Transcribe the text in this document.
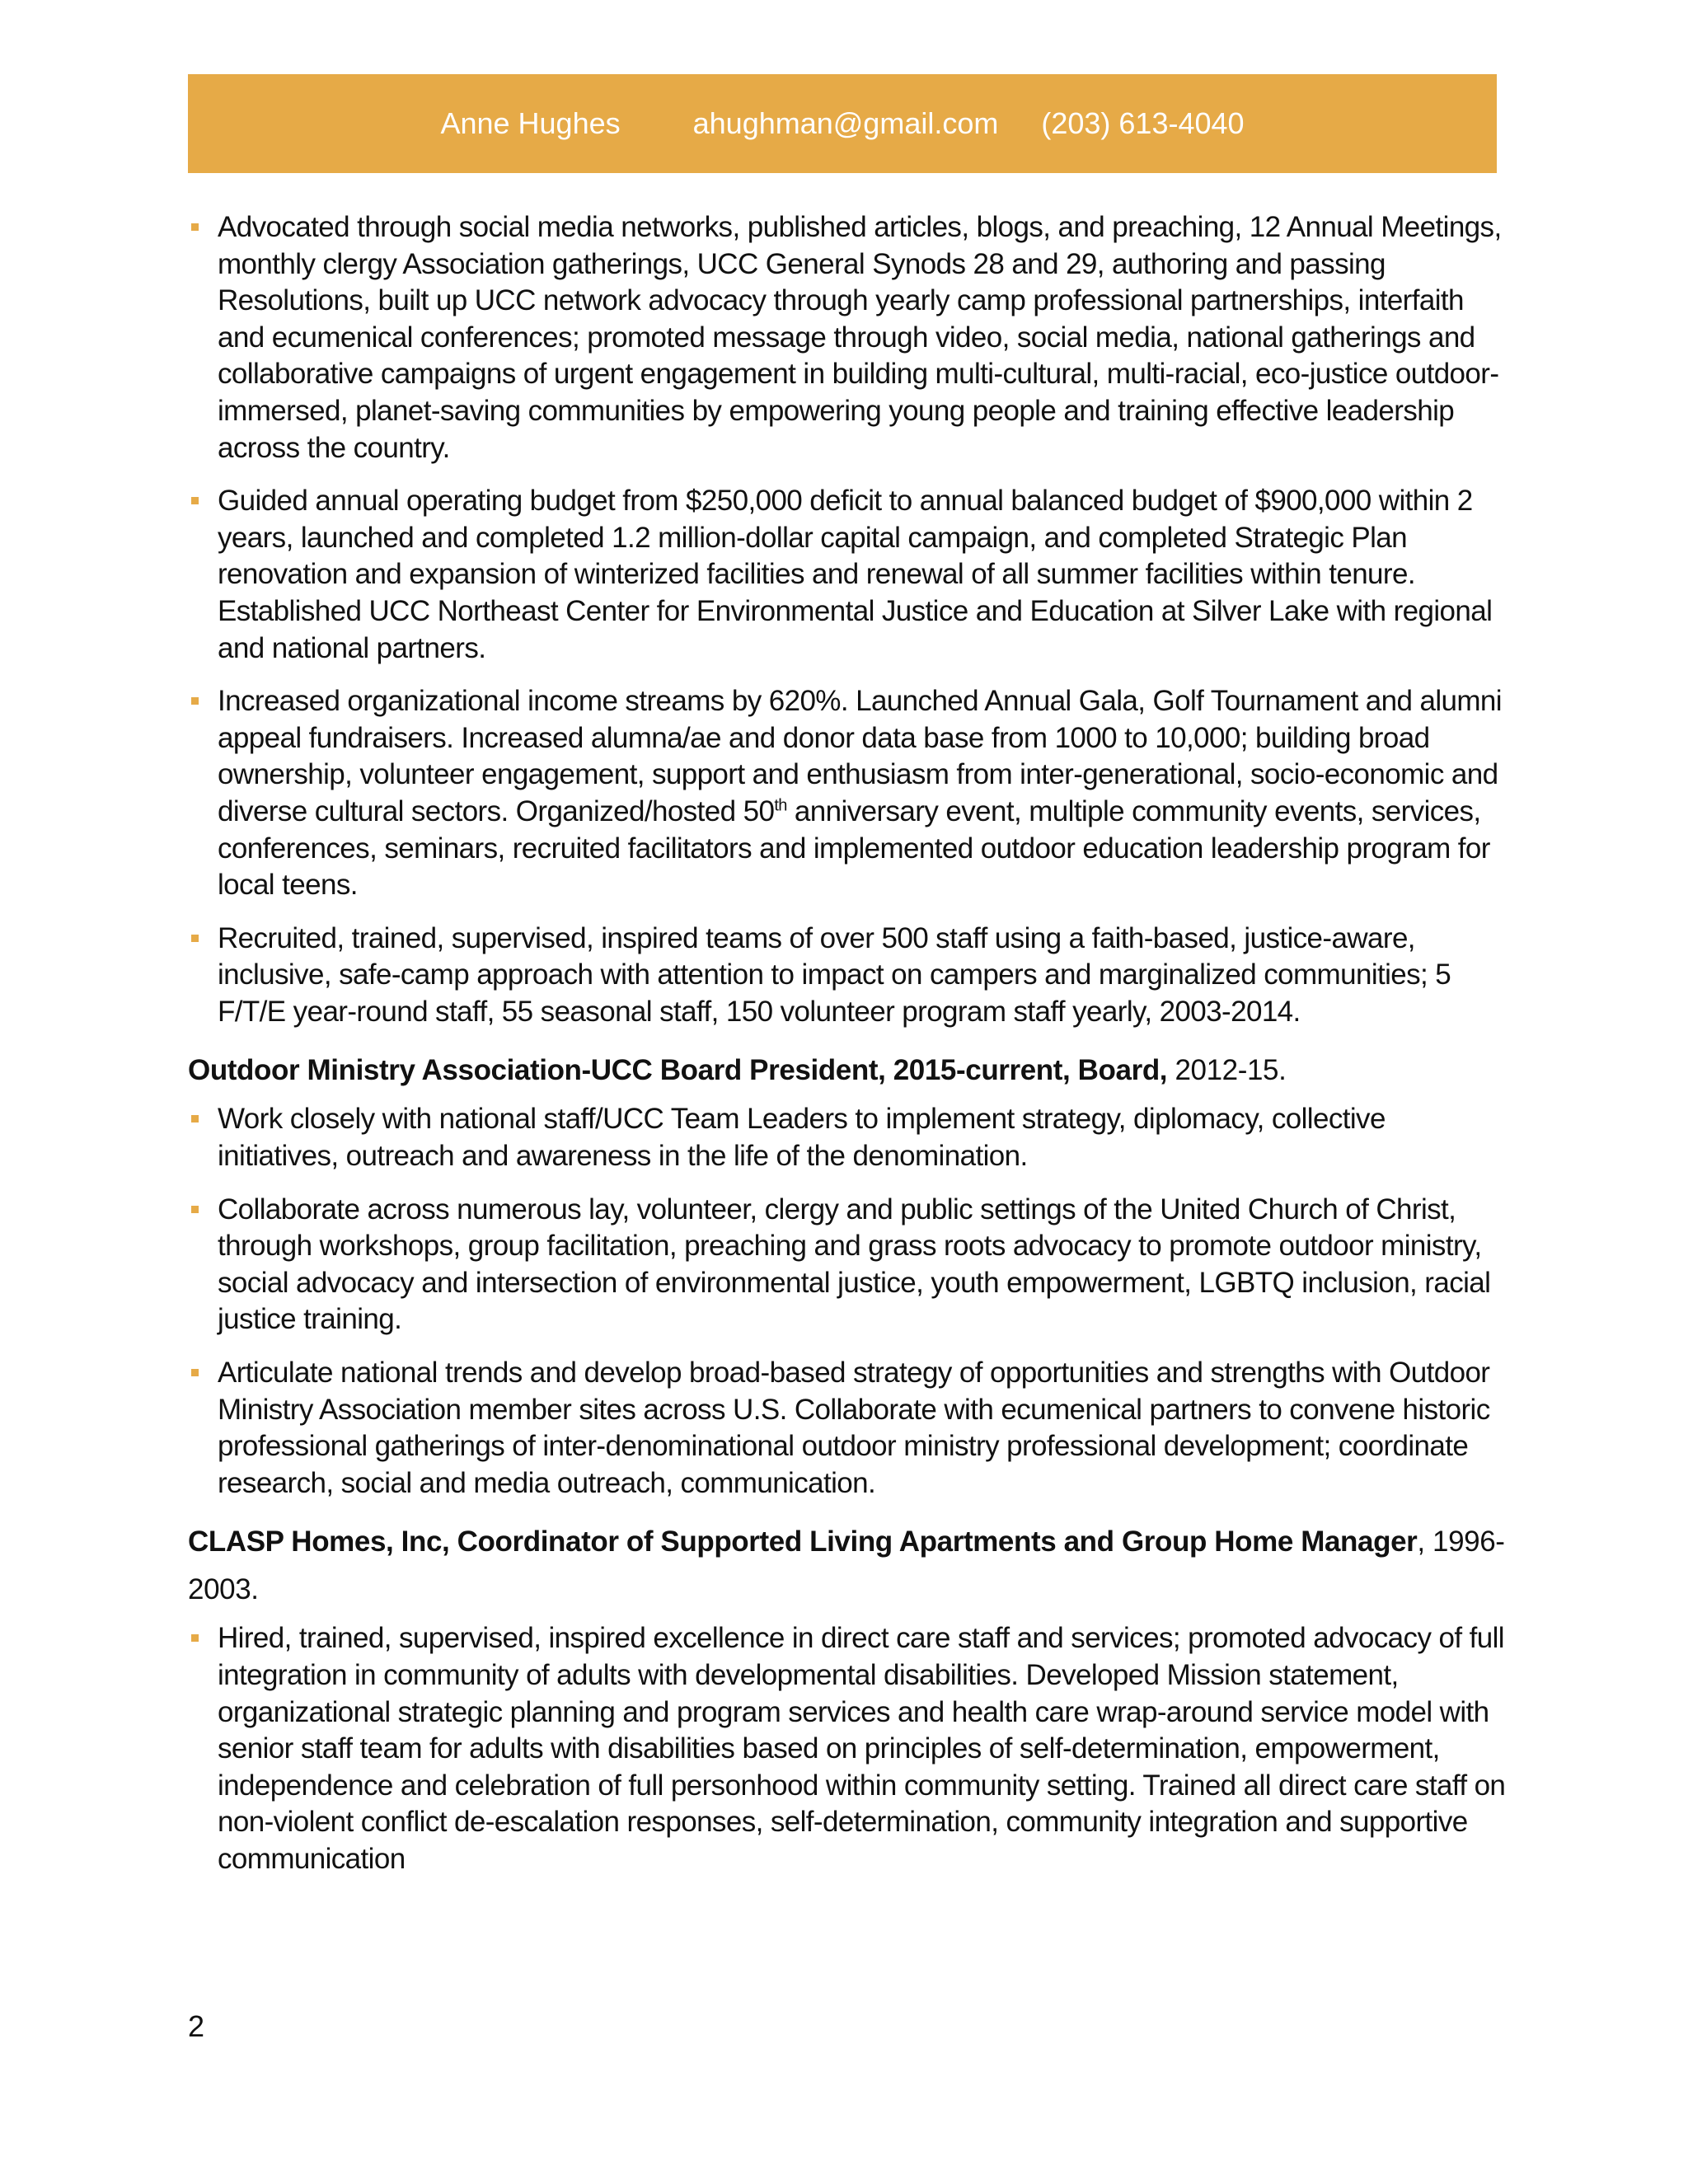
Anne Hughes ahughman@gmail.com (203) 613-4040
Advocated through social media networks, published articles, blogs, and preaching, 12 Annual Meetings, monthly clergy Association gatherings, UCC General Synods 28 and 29, authoring and passing Resolutions, built up UCC network advocacy through yearly camp professional partnerships, interfaith and ecumenical conferences; promoted message through video, social media, national gatherings and collaborative campaigns of urgent engagement in building multi-cultural, multi-racial, eco-justice outdoor-immersed, planet-saving communities by empowering young people and training effective leadership across the country.
Guided annual operating budget from $250,000 deficit to annual balanced budget of $900,000 within 2 years, launched and completed 1.2 million-dollar capital campaign, and completed Strategic Plan renovation and expansion of winterized facilities and renewal of all summer facilities within tenure. Established UCC Northeast Center for Environmental Justice and Education at Silver Lake with regional and national partners.
Increased organizational income streams by 620%. Launched Annual Gala, Golf Tournament and alumni appeal fundraisers. Increased alumna/ae and donor data base from 1000 to 10,000; building broad ownership, volunteer engagement, support and enthusiasm from inter-generational, socio-economic and diverse cultural sectors. Organized/hosted 50th anniversary event, multiple community events, services, conferences, seminars, recruited facilitators and implemented outdoor education leadership program for local teens.
Recruited, trained, supervised, inspired teams of over 500 staff using a faith-based, justice-aware, inclusive, safe-camp approach with attention to impact on campers and marginalized communities; 5 F/T/E year-round staff, 55 seasonal staff, 150 volunteer program staff yearly, 2003-2014.

Outdoor Ministry Association-UCC Board President, 2015-current, Board, 2012-15.

Work closely with national staff/UCC Team Leaders to implement strategy, diplomacy, collective initiatives, outreach and awareness in the life of the denomination.
Collaborate across numerous lay, volunteer, clergy and public settings of the United Church of Christ, through workshops, group facilitation, preaching and grass roots advocacy to promote outdoor ministry, social advocacy and intersection of environmental justice, youth empowerment, LGBTQ inclusion, racial justice training.
Articulate national trends and develop broad-based strategy of opportunities and strengths with Outdoor Ministry Association member sites across U.S. Collaborate with ecumenical partners to convene historic professional gatherings of inter-denominational outdoor ministry professional development; coordinate research, social and media outreach, communication.

CLASP Homes, Inc, Coordinator of Supported Living Apartments and Group Home Manager, 1996-2003.

Hired, trained, supervised, inspired excellence in direct care staff and services; promoted advocacy of full integration in community of adults with developmental disabilities. Developed Mission statement, organizational strategic planning and program services and health care wrap-around service model with senior staff team for adults with disabilities based on principles of self-determination, empowerment, independence and celebration of full personhood within community setting. Trained all direct care staff on non-violent conflict de-escalation responses, self-determination, community integration and supportive communication
2
